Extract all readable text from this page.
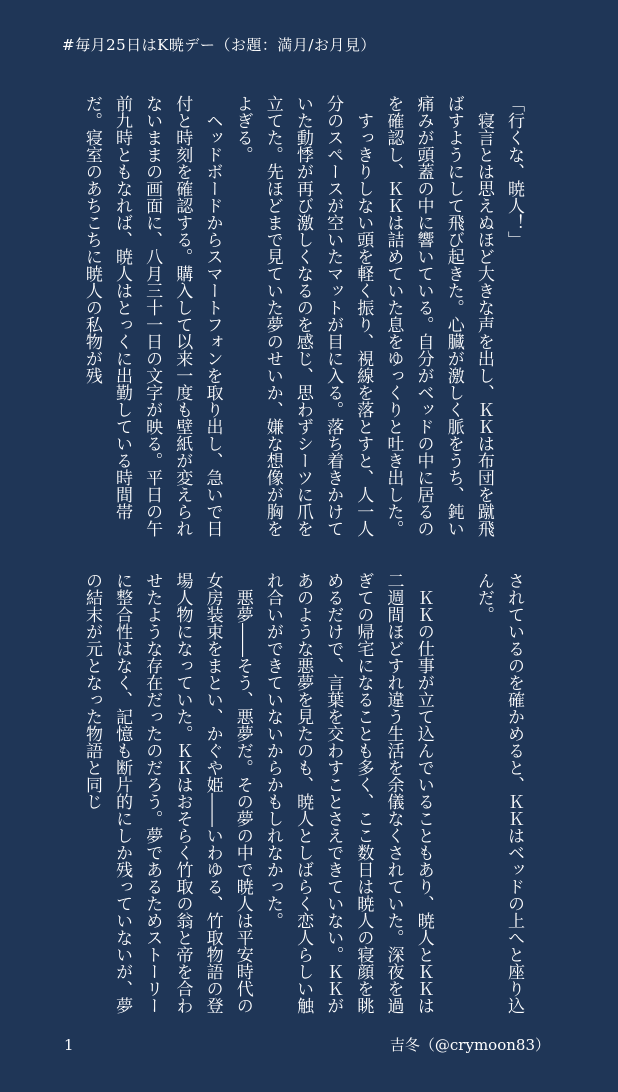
#毎月25日はK暁デー（お題：満月/お月見）

「行くな、暁人！」

寝言とは思えぬほど大きな声を出し、ＫＫは布団を蹴飛ばすようにして飛び起きた。心臓が激しく脈をうち、鈍い痛みが頭蓋の中に響いている。自分がベッドの中に居るのを確認し、ＫＫは詰めていた息をゆっくりと吐き出した。

すっきりしない頭を軽く振り、視線を落とすと、人一人分のスペースが空いたマットが目に入る。落ち着きかけていた動悸が再び激しくなるのを感じ、思わずシーツに爪を立てた。先ほどまで見ていた夢のせいか、嫌な想像が胸をよぎる。

ヘッドボードからスマートフォンを取り出し、急いで日付と時刻を確認する。購入して以来一度も壁紙が変えられないままの画面に、八月三十一日の文字が映る。平日の午前九時ともなれば、暁人はとっくに出勤している時間帯だ。寝室のあちこちに暁人の私物が残

されているのを確かめると、ＫＫはベッドの上へと座り込んだ。

ＫＫの仕事が立て込んでいることもあり、暁人とＫＫは二週間ほどすれ違う生活を余儀なくされていた。深夜を過ぎての帰宅になることも多く、ここ数日は暁人の寝顔を眺めるだけで、言葉を交わすことさえできていない。ＫＫがあのような悪夢を見たのも、暁人としばらく恋人らしい触れ合いができていないからかもしれなかった。

悪夢――そう、悪夢だ。その夢の中で暁人は平安時代の女房装束をまとい、かぐや姫――いわゆる、竹取物語の登場人物になっていた。ＫＫはおそらく竹取の翁と帝を合わせたような存在だったのだろう。夢であるためストーリーに整合性はなく、記憶も断片的にしか残っていないが、夢の結末が元となった物語と同じ

1	吉冬（@crymoon83）
